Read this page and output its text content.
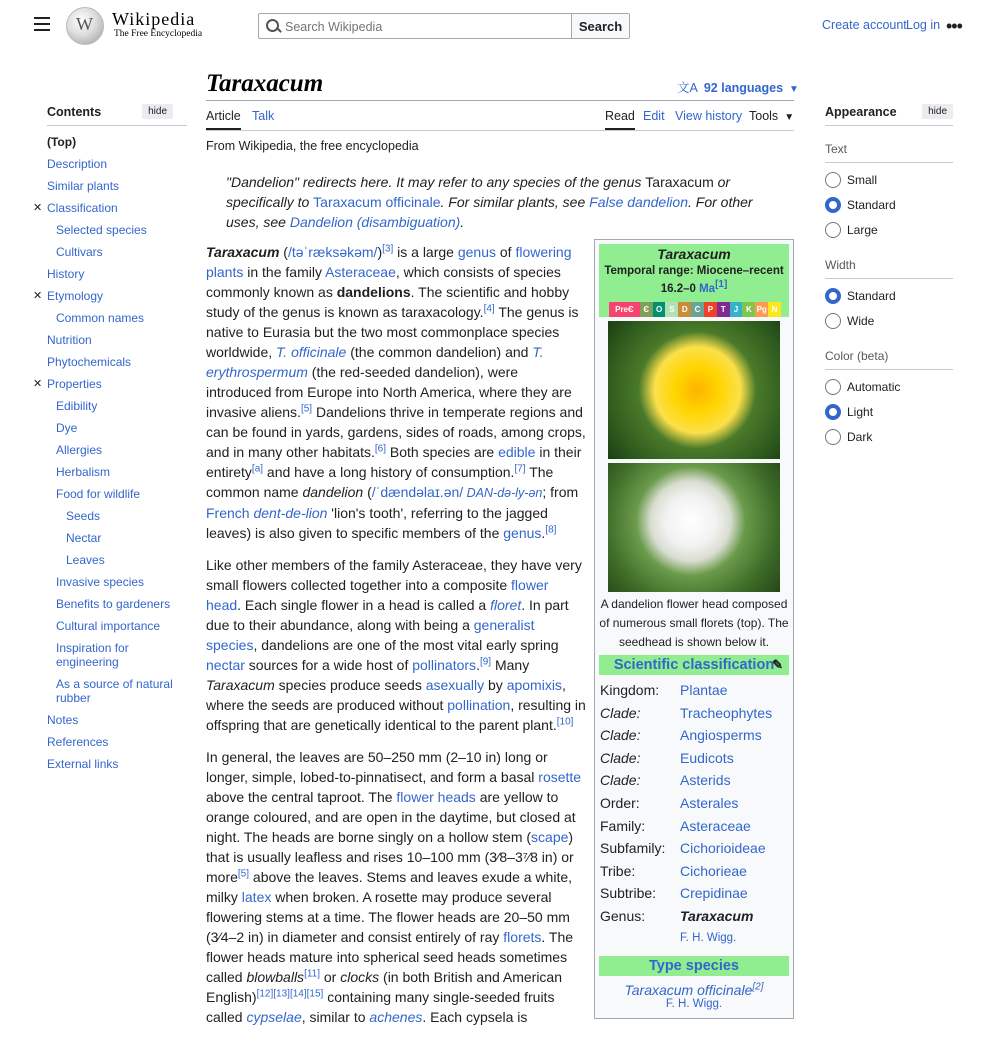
W Wikipedia
The Free Encyclopedia
Search Wikipedia
Search	Create account Log in •••
Taraxacum	文A 92 languages ▼
Article Talk	Read Edit View history Tools ▼
Contents	hide
(Top)
Description
Similar plants
✕ Classification
Selected species
Cultivars
History
✕ Etymology
Common names
Nutrition
Phytochemicals
✕ Properties
Edibility
Dye
Allergies
Herbalism
Food for wildlife
Seeds
Nectar
Leaves
Invasive species
Benefits to gardeners
Cultural importance
Inspiration for engineering
As a source of natural rubber
Notes
References
External links
Appearance	hide
Text
Small
Standard
Large
Width
Standard
Wide
Color (beta)
Automatic
Light
Dark
From Wikipedia, the free encyclopedia
"Dandelion" redirects here. It may refer to any species of the genus Taraxacum or specifically to Taraxacum officinale. For similar plants, see False dandelion. For other uses, see Dandelion (disambiguation).

Taraxacum (/təˈræksəkəm/)[3] is a large genus of flowering plants in the family Asteraceae, which consists of species commonly known as dandelions. The scientific and hobby study of the genus is known as taraxacology.[4] The genus is native to Eurasia but the two most commonplace species worldwide, T. officinale (the common dandelion) and T. erythrospermum (the red-seeded dandelion), were introduced from Europe into North America, where they are invasive aliens.[5] Dandelions thrive in temperate regions and can be found in yards, gardens, sides of roads, among crops, and in many other habitats.[6] Both species are edible in their entirety[a] and have a long history of consumption.[7] The common name dandelion (/ˈdændəlaɪ.ən/ DAN-də-ly-ən; from French dent-de-lion 'lion's tooth', referring to the jagged leaves) is also given to specific members of the genus.[8]

Like other members of the family Asteraceae, they have very small flowers collected together into a composite flower head. Each single flower in a head is called a floret. In part due to their abundance, along with being a generalist species, dandelions are one of the most vital early spring nectar sources for a wide host of pollinators.[9] Many Taraxacum species produce seeds asexually by apomixis, where the seeds are produced without pollination, resulting in offspring that are genetically identical to the parent plant.[10]

In general, the leaves are 50–250 mm (2–10 in) long or longer, simple, lobed-to-pinnatisect, and form a basal rosette above the central taproot. The flower heads are yellow to orange coloured, and are open in the daytime, but closed at night. The heads are borne singly on a hollow stem (scape) that is usually leafless and rises 10–100 mm (3⁄8–3⁷⁄8 in) or more[5] above the leaves. Stems and leaves exude a white, milky latex when broken. A rosette may produce several flowering stems at a time. The flower heads are 20–50 mm (3⁄4–2 in) in diameter and consist entirely of ray florets. The flower heads mature into spherical seed heads sometimes called blowballs[11] or clocks (in both British and American English)[12][13][14][15] containing many single-seeded fruits called cypselae, similar to achenes. Each cypsela is

Taraxacum
Temporal range: Miocene–recent
16.2–0 Ma[1]
PreЄ	Є O S D C P T	J K Pg N
A dandelion flower head composed of numerous small florets (top). The seedhead is shown below it.
Scientific classification
✎
Kingdom:	Plantae
Clade:	Tracheophytes
Clade:	Angiosperms
Clade:	Eudicots
Clade:	Asterids
Order:	Asterales
Family:	Asteraceae
Subfamily:	Cichorioideae
Tribe:	Cichorieae
Subtribe:	Crepidinae
Genus:	Taraxacum
F. H. Wigg.
Type species
Taraxacum officinale[2]
F. H. Wigg.
